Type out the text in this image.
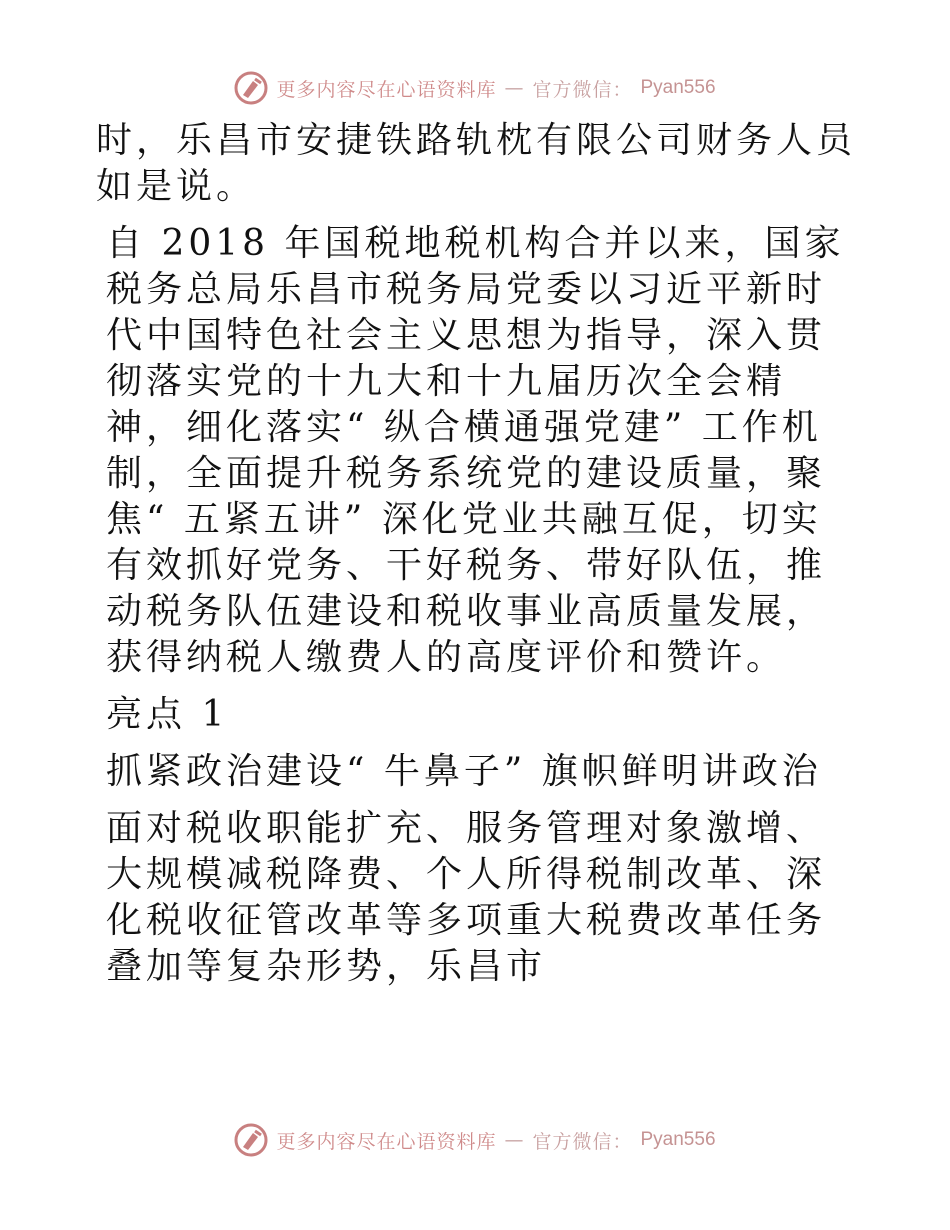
更多内容尽在心语资料库 — 官方微信： Pyan556

时，乐昌市安捷铁路轨枕有限公司财务人员如是说。

自 2018 年国税地税机构合并以来，国家税务总局乐昌市税务局党委以习近平新时代中国特色社会主义思想为指导，深入贯彻落实党的十九大和十九届历次全会精神，细化落实“ 纵合横通强党建” 工作机制，全面提升税务系统党的建设质量，聚焦“ 五紧五讲” 深化党业共融互促，切实有效抓好党务、干好税务、带好队伍，推动税务队伍建设和税收事业高质量发展，获得纳税人缴费人的高度评价和赞许。

亮点 1

抓紧政治建设“ 牛鼻子” 旗帜鲜明讲政治

面对税收职能扩充、服务管理对象激增、大规模减税降费、个人所得税制改革、深化税收征管改革等多项重大税费改革任务叠加等复杂形势，乐昌市

更多内容尽在心语资料库 — 官方微信： Pyan556
